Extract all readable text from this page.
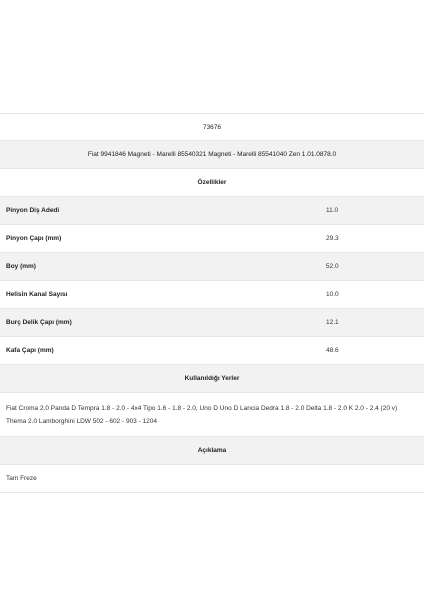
73676
Fiat 9941846 Magneti - Marelli 85540321 Magneti - Marelli 85541040 Zen 1.01.0878.0
Özellikler
Pinyon Diş Adedi	11.0
Pinyon Çapı (mm)	29.3
Boy (mm)	52.0
Helisin Kanal Sayısı	10.0
Burç Delik Çapı (mm)	12.1
Kafa Çapı (mm)	48.6
Kullanıldığı Yerler
Fiat Croma 2.0 Panda D Tempra 1.8 - 2.0 - 4x4 Tipo 1.6 - 1.8 - 2.0, Uno D Uno D Lancia Dedra 1.8 - 2.0 Delta 1.8 - 2.0 K 2.0 - 2.4 (20 v) Thema 2.0 Lamborghini LDW 502 - 602 - 903 - 1204
Açıklama
Tam Freze
